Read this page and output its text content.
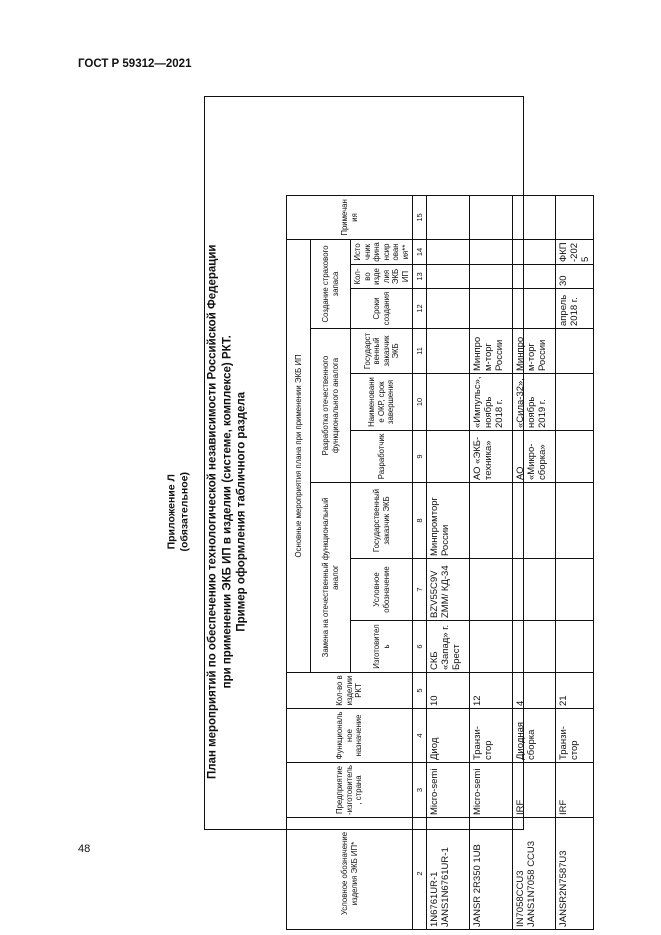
ГОСТ Р 59312—2021
Приложение Л (обязательное) План мероприятий по обеспечению технологической независимости Российской Федерации при применении ЭКБ ИП в изделии (системе, комплексе) РКТ. Пример оформления табличного раздела
Условное обозначение изделия ЭКБ ИП*	Предприятие-изготовитель, страна	Функциональное назначение	Кол-во в изделии РКТ	Основные мероприятия плана при применении ЭКБ ИП									Примечания
				Замена на отечественный функциональный аналог			Разработка отечественного функционального аналога			Создание страхового запаса			
				Изготовитель	Условное обозначение	Государственный заказчик ЭКБ	Разработчик	Наименование ОКР, срок завершения	Государственный заказчик ЭКБ	Сроки создания	Кол-во изделия ЭКБ ИП	Источник финансирования**	
2	3	4	5	6	7	8	9	10	11	12	13	14	15
1N6761UR-1 JANS1N6761UR-1	Micro-semi	Диод	10	СКБ «Запад» г. Брест	BZV55C9V ZMM/ КД-34	Минпромторг России							
JANSR 2R350 1UB	Micro-semi	Транзи-стор	12				АО «ЭКБ-техника»	«Импульс», ноябрь 2018 г.	Минпром-торг России				
IN7058CCU3 JANS1N7058 CCU3	IRF	Диодная сборка	4				АО «Микро-сборка»	«Сила-32», ноябрь 2019 г.	Минпром-торг России				
JANSR2N7587U3	IRF	Транзи-стор	21							апрель 2018 г.	30	ФКП-2025	
48
